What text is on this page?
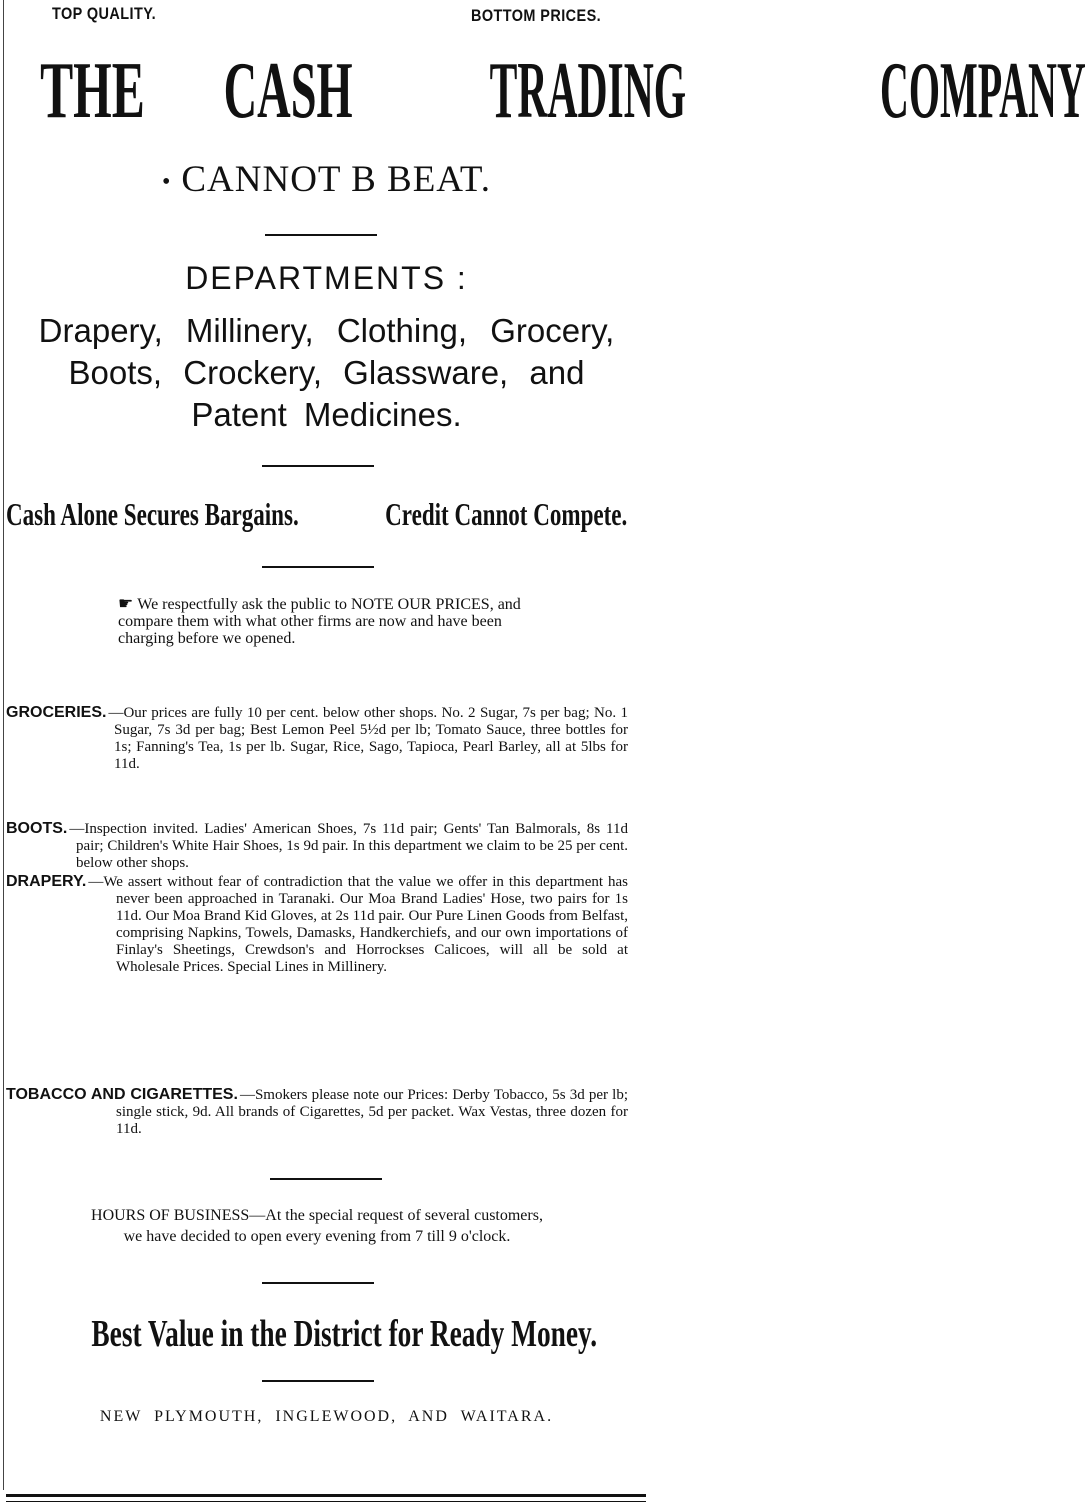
TOP QUALITY.	BOTTOM PRICES.
THE CASH TRADING COMPANY
• CANNOT B BEAT.
DEPARTMENTS :
Drapery, Millinery, Clothing, Grocery,
Boots, Crockery, Glassware, and
Patent Medicines.
Cash Alone Secures Bargains.	Credit Cannot Compete.
☛ We respectfully ask the public to NOTE OUR PRICES, and compare them with what other firms are now and have been charging before we opened.
GROCERIES. —Our prices are fully 10 per cent. below other shops. No. 2 Sugar, 7s per bag; No. 1 Sugar, 7s 3d per bag; Best Lemon Peel 5½d per lb; Tomato Sauce, three bottles for 1s; Fanning's Tea, 1s per lb. Sugar, Rice, Sago, Tapioca, Pearl Barley, all at 5lbs for 11d.
BOOTS. —Inspection invited. Ladies' American Shoes, 7s 11d pair; Gents' Tan Balmorals, 8s 11d pair; Children's White Hair Shoes, 1s 9d pair. In this department we claim to be 25 per cent. below other shops.
DRAPERY. —We assert without fear of contradiction that the value we offer in this department has never been approached in Taranaki. Our Moa Brand Ladies' Hose, two pairs for 1s 11d. Our Moa Brand Kid Gloves, at 2s 11d pair. Our Pure Linen Goods from Belfast, comprising Napkins, Towels, Damasks, Handkerchiefs, and our own importations of Finlay's Sheetings, Crewdson's and Horrockses Calicoes, will all be sold at Wholesale Prices. Special Lines in Millinery.
TOBACCO AND CIGARETTES. —Smokers please note our Prices: Derby Tobacco, 5s 3d per lb; single stick, 9d. All brands of Cigarettes, 5d per packet. Wax Vestas, three dozen for 11d.
HOURS OF BUSINESS—At the special request of several customers,
we have decided to open every evening from 7 till 9 o'clock.
Best Value in the District for Ready Money.
NEW PLYMOUTH, INGLEWOOD, AND WAITARA.
